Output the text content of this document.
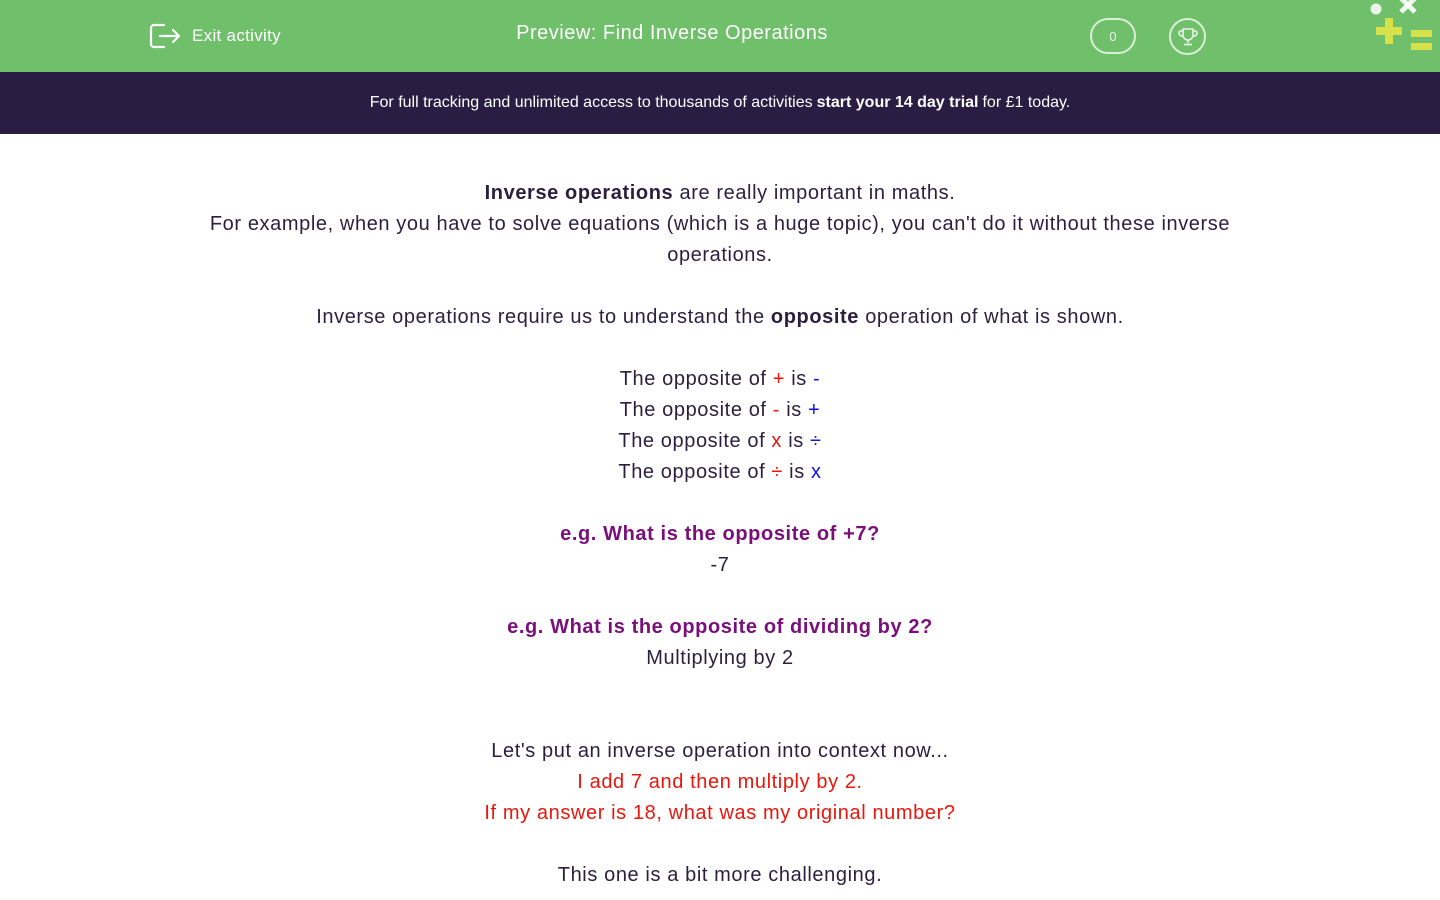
Exit activity	Preview: Find Inverse Operations	0
For full tracking and unlimited access to thousands of activities start your 14 day trial for £1 today.

Inverse operations are really important in maths.

For example, when you have to solve equations (which is a huge topic), you can't do it without these inverse operations.

Inverse operations require us to understand the opposite operation of what is shown.

The opposite of + is -

The opposite of - is +

The opposite of x is ÷

The opposite of ÷ is x

e.g. What is the opposite of +7?

-7

e.g. What is the opposite of dividing by 2?

Multiplying by 2

Let's put an inverse operation into context now...

I add 7 and then multiply by 2.

If my answer is 18, what was my original number?

This one is a bit more challenging.
